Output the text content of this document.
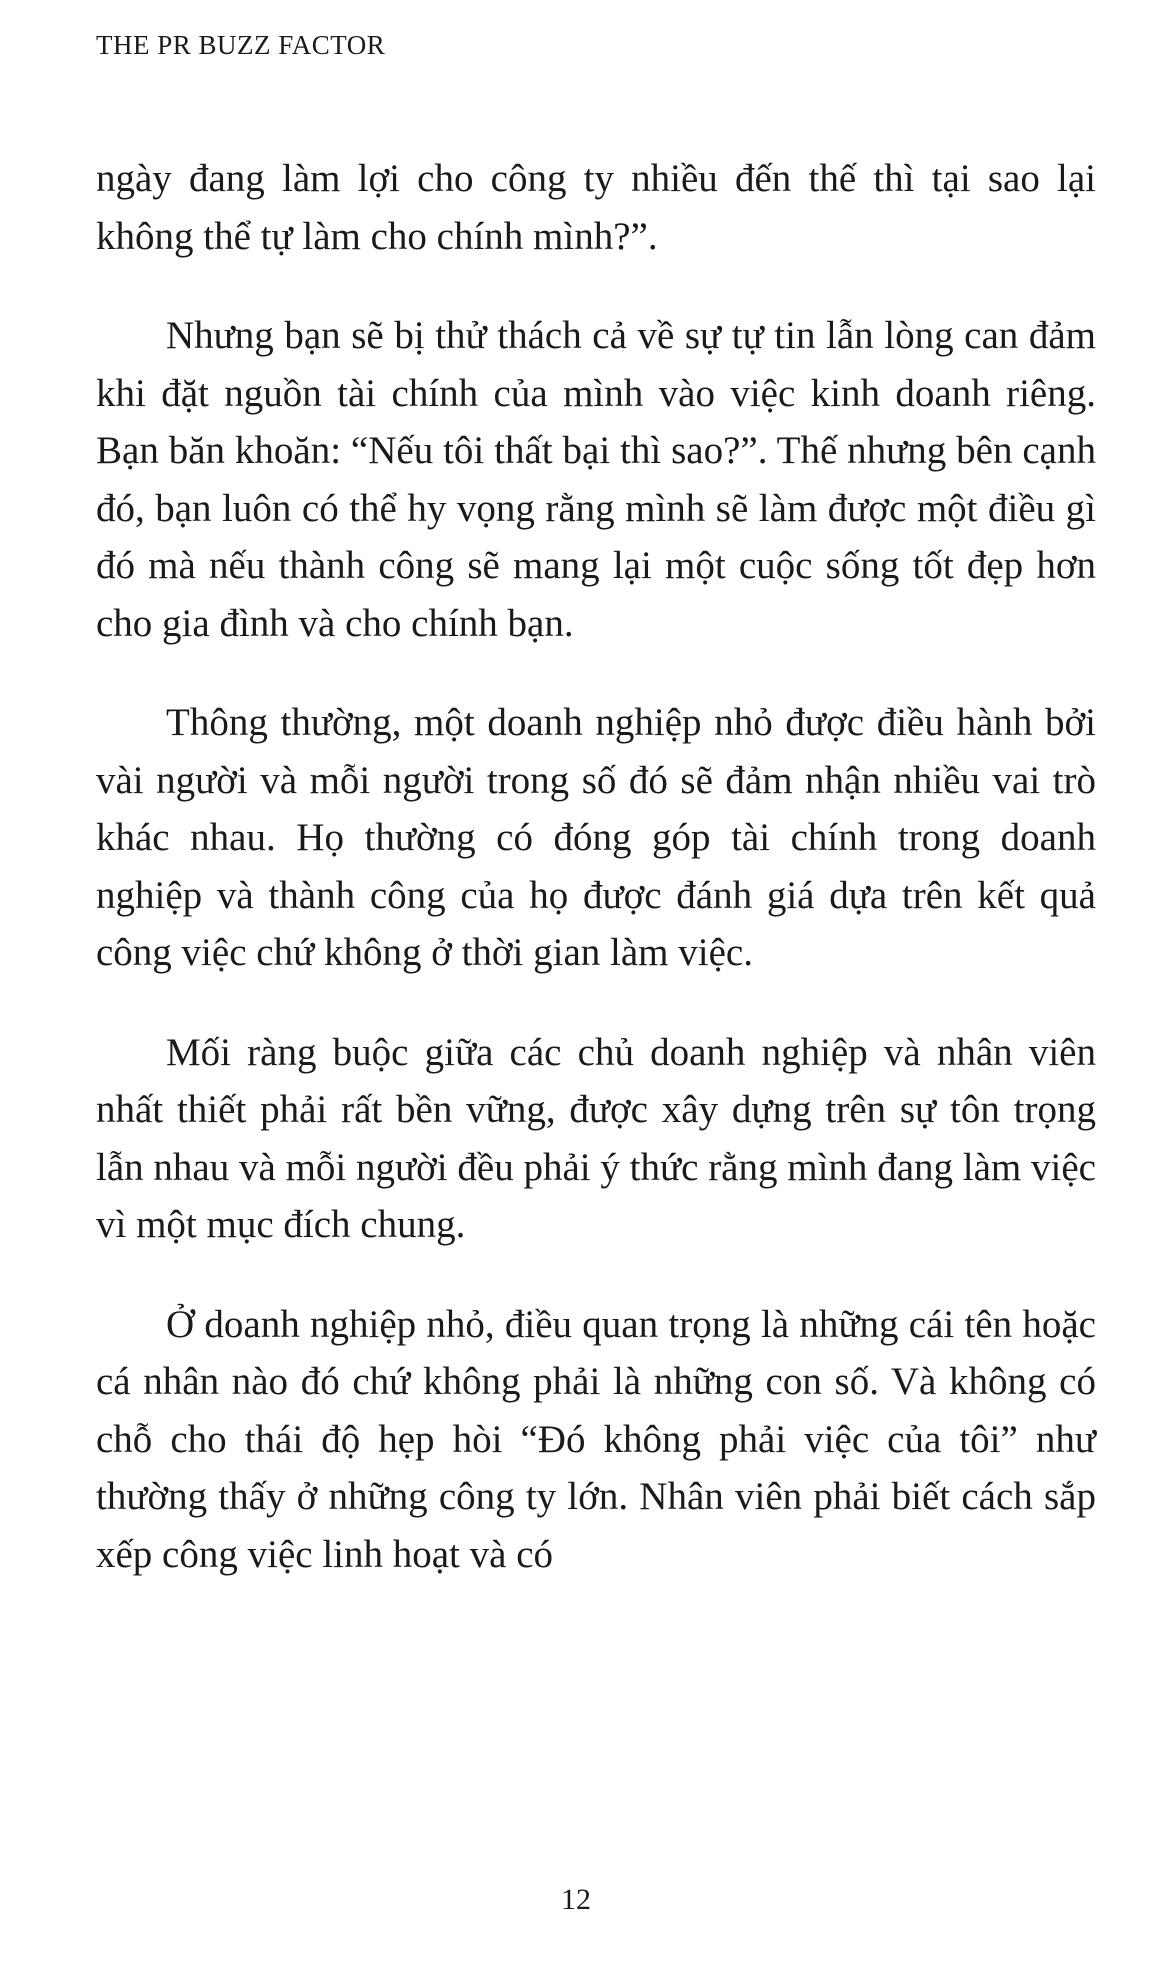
THE PR BUZZ FACTOR

ngày đang làm lợi cho công ty nhiều đến thế thì tại sao lại không thể tự làm cho chính mình?”.

Nhưng bạn sẽ bị thử thách cả về sự tự tin lẫn lòng can đảm khi đặt nguồn tài chính của mình vào việc kinh doanh riêng. Bạn băn khoăn: “Nếu tôi thất bại thì sao?”. Thế nhưng bên cạnh đó, bạn luôn có thể hy vọng rằng mình sẽ làm được một điều gì đó mà nếu thành công sẽ mang lại một cuộc sống tốt đẹp hơn cho gia đình và cho chính bạn.

Thông thường, một doanh nghiệp nhỏ được điều hành bởi vài người và mỗi người trong số đó sẽ đảm nhận nhiều vai trò khác nhau. Họ thường có đóng góp tài chính trong doanh nghiệp và thành công của họ được đánh giá dựa trên kết quả công việc chứ không ở thời gian làm việc.

Mối ràng buộc giữa các chủ doanh nghiệp và nhân viên nhất thiết phải rất bền vững, được xây dựng trên sự tôn trọng lẫn nhau và mỗi người đều phải ý thức rằng mình đang làm việc vì một mục đích chung.

Ở doanh nghiệp nhỏ, điều quan trọng là những cái tên hoặc cá nhân nào đó chứ không phải là những con số. Và không có chỗ cho thái độ hẹp hòi “Đó không phải việc của tôi” như thường thấy ở những công ty lớn. Nhân viên phải biết cách sắp xếp công việc linh hoạt và có

12
